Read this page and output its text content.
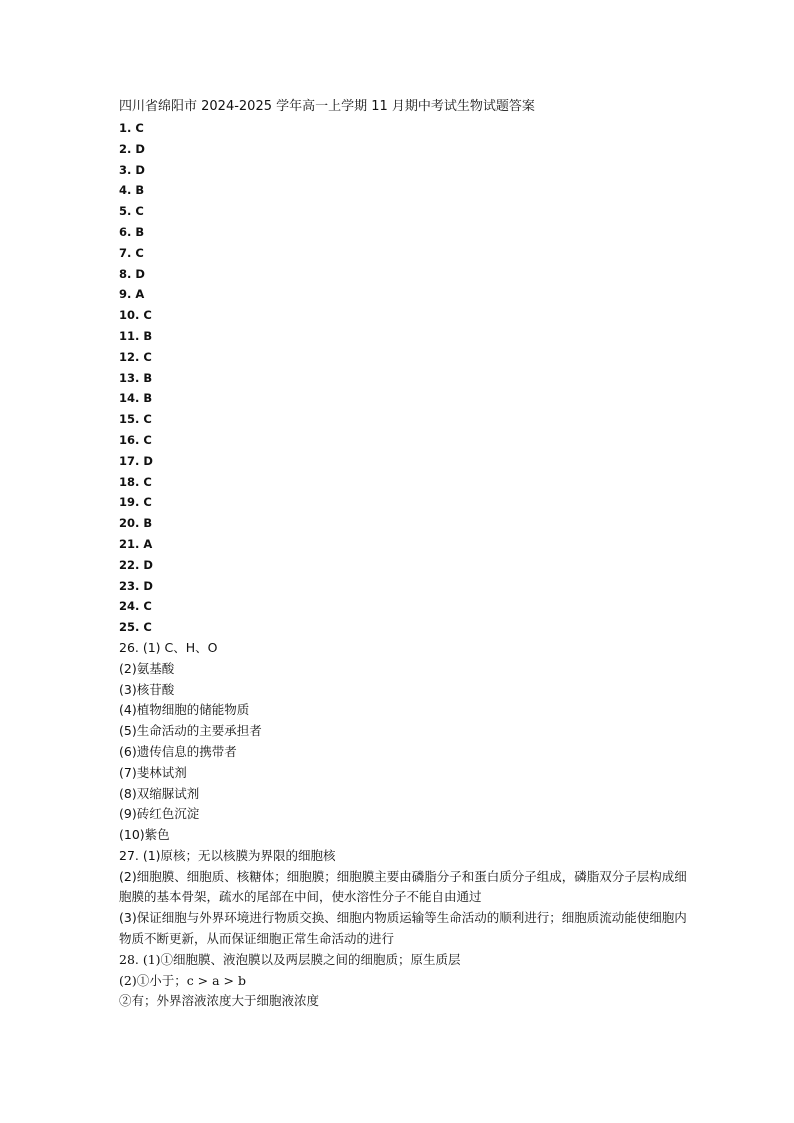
四川省绵阳市 2024-2025 学年高一上学期 11 月期中考试生物试题答案
1. C
2. D
3. D
4. B
5. C
6. B
7. C
8. D
9. A
10. C
11. B
12. C
13. B
14. B
15. C
16. C
17. D
18. C
19. C
20. B
21. A
22. D
23. D
24. C
25. C
26. (1) C、H、O
(2)氨基酸
(3)核苷酸
(4)植物细胞的储能物质
(5)生命活动的主要承担者
(6)遗传信息的携带者
(7)斐林试剂
(8)双缩脲试剂
(9)砖红色沉淀
(10)紫色
27. (1)原核；无以核膜为界限的细胞核
(2)细胞膜、细胞质、核糖体；细胞膜；细胞膜主要由磷脂分子和蛋白质分子组成，磷脂双分子层构成细胞膜的基本骨架，疏水的尾部在中间，使水溶性分子不能自由通过
(3)保证细胞与外界环境进行物质交换、细胞内物质运输等生命活动的顺利进行；细胞质流动能使细胞内物质不断更新，从而保证细胞正常生命活动的进行
28. (1)①细胞膜、液泡膜以及两层膜之间的细胞质；原生质层
(2)①小于；c > a > b
②有；外界溶液浓度大于细胞液浓度
